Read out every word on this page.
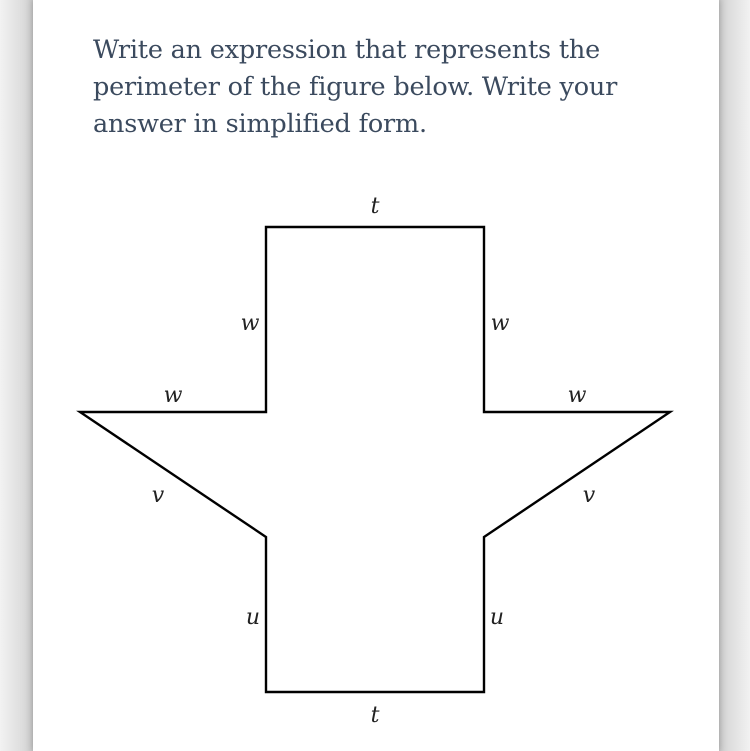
Write an expression that represents the perimeter of the figure below. Write your answer in simplified form.

t
w	w
w	w
v	v
u	u
t
